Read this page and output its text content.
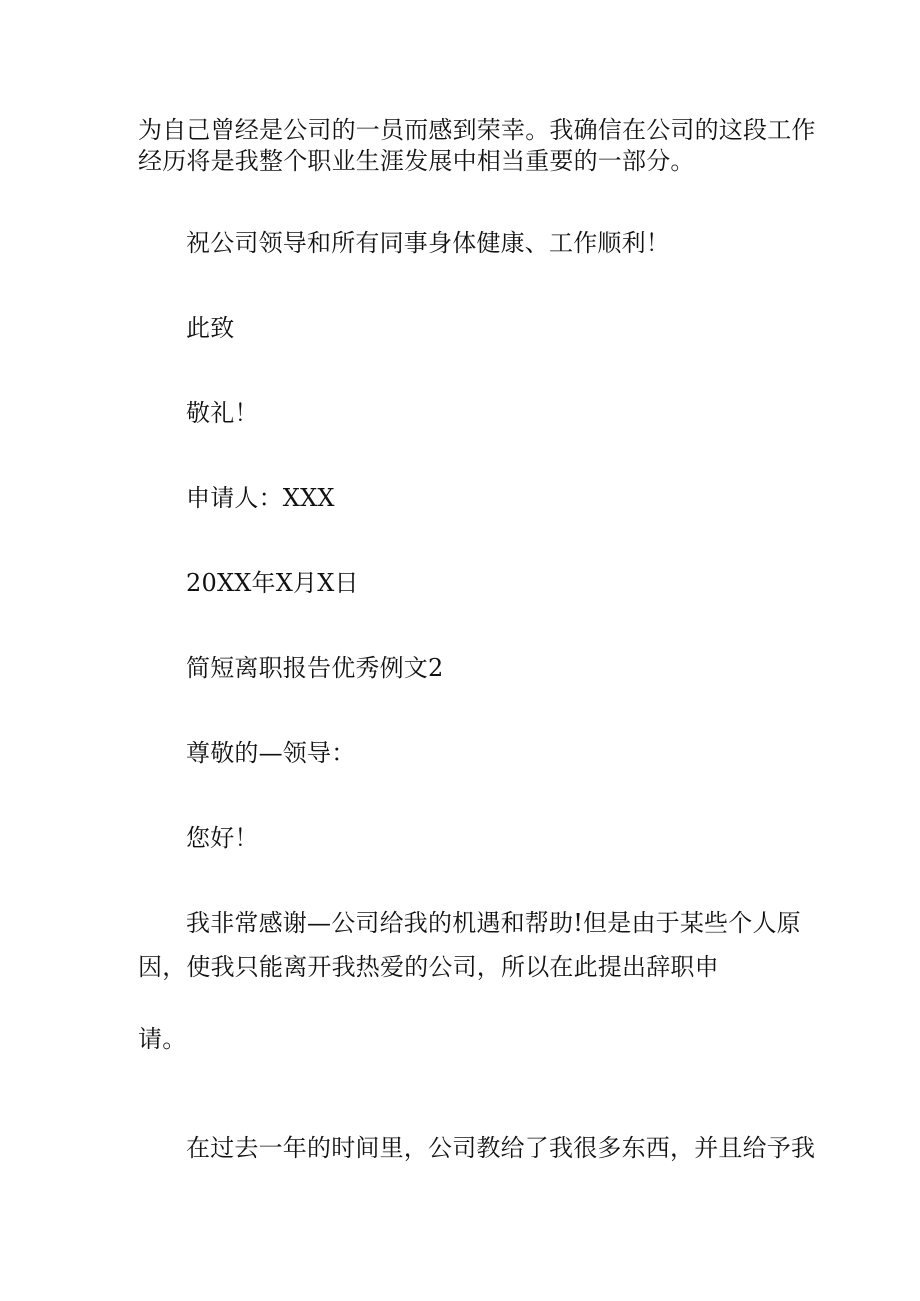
为自己曾经是公司的一员而感到荣幸。我确信在公司的这段工作
经历将是我整个职业生涯发展中相当重要的一部分。
祝公司领导和所有同事身体健康、工作顺利！
此致
敬礼！
申请人：XXX
20XX年X月X日
简短离职报告优秀例文2
尊敬的—领导：
您好！
我非常感谢—公司给我的机遇和帮助!但是由于某些个人原
因，使我只能离开我热爱的公司，所以在此提出辞职申
请。
在过去一年的时间里，公司教给了我很多东西，并且给予我
